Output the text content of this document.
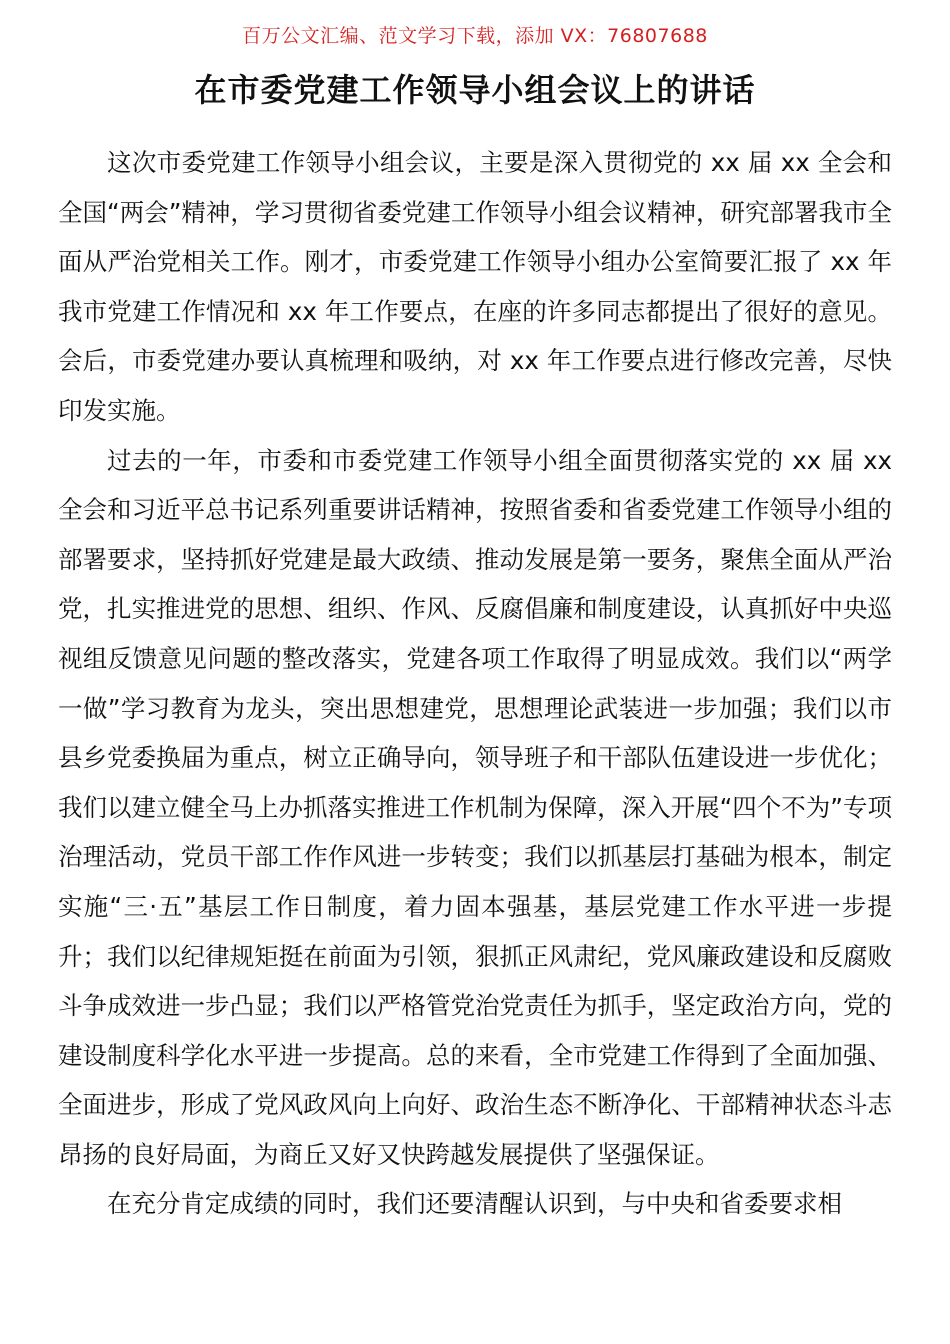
百万公文汇编、范文学习下载，添加 VX：76807688
在市委党建工作领导小组会议上的讲话

这次市委党建工作领导小组会议，主要是深入贯彻党的 xx 届 xx 全会和全国“两会”精神，学习贯彻省委党建工作领导小组会议精神，研究部署我市全面从严治党相关工作。刚才，市委党建工作领导小组办公室简要汇报了 xx 年我市党建工作情况和 xx 年工作要点，在座的许多同志都提出了很好的意见。会后，市委党建办要认真梳理和吸纳，对 xx 年工作要点进行修改完善，尽快印发实施。

过去的一年，市委和市委党建工作领导小组全面贯彻落实党的 xx 届 xx 全会和习近平总书记系列重要讲话精神，按照省委和省委党建工作领导小组的部署要求，坚持抓好党建是最大政绩、推动发展是第一要务，聚焦全面从严治党，扎实推进党的思想、组织、作风、反腐倡廉和制度建设，认真抓好中央巡视组反馈意见问题的整改落实，党建各项工作取得了明显成效。我们以“两学一做”学习教育为龙头，突出思想建党，思想理论武装进一步加强；我们以市县乡党委换届为重点，树立正确导向，领导班子和干部队伍建设进一步优化；我们以建立健全马上办抓落实推进工作机制为保障，深入开展“四个不为”专项治理活动，党员干部工作作风进一步转变；我们以抓基层打基础为根本，制定实施“三·五”基层工作日制度，着力固本强基，基层党建工作水平进一步提升；我们以纪律规矩挺在前面为引领，狠抓正风肃纪，党风廉政建设和反腐败斗争成效进一步凸显；我们以严格管党治党责任为抓手，坚定政治方向，党的建设制度科学化水平进一步提高。总的来看，全市党建工作得到了全面加强、全面进步，形成了党风政风向上向好、政治生态不断净化、干部精神状态斗志昂扬的良好局面，为商丘又好又快跨越发展提供了坚强保证。

在充分肯定成绩的同时，我们还要清醒认识到，与中央和省委要求相
